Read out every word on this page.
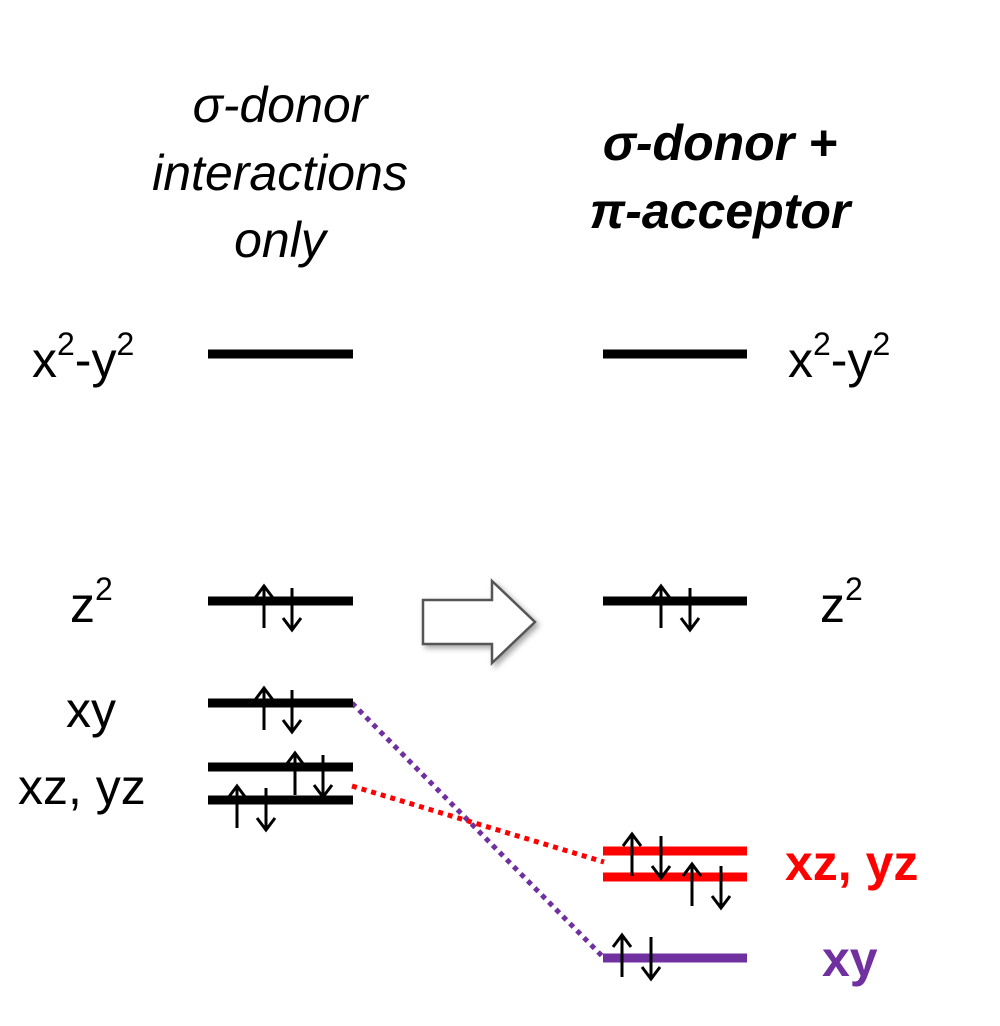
σ-donor
interactions
only
σ-donor +
π-acceptor
$x^2-y^2$
$z^2$
xy
xz, yz
$x^2-y^2$
$z^2$
xz, yz
xy
